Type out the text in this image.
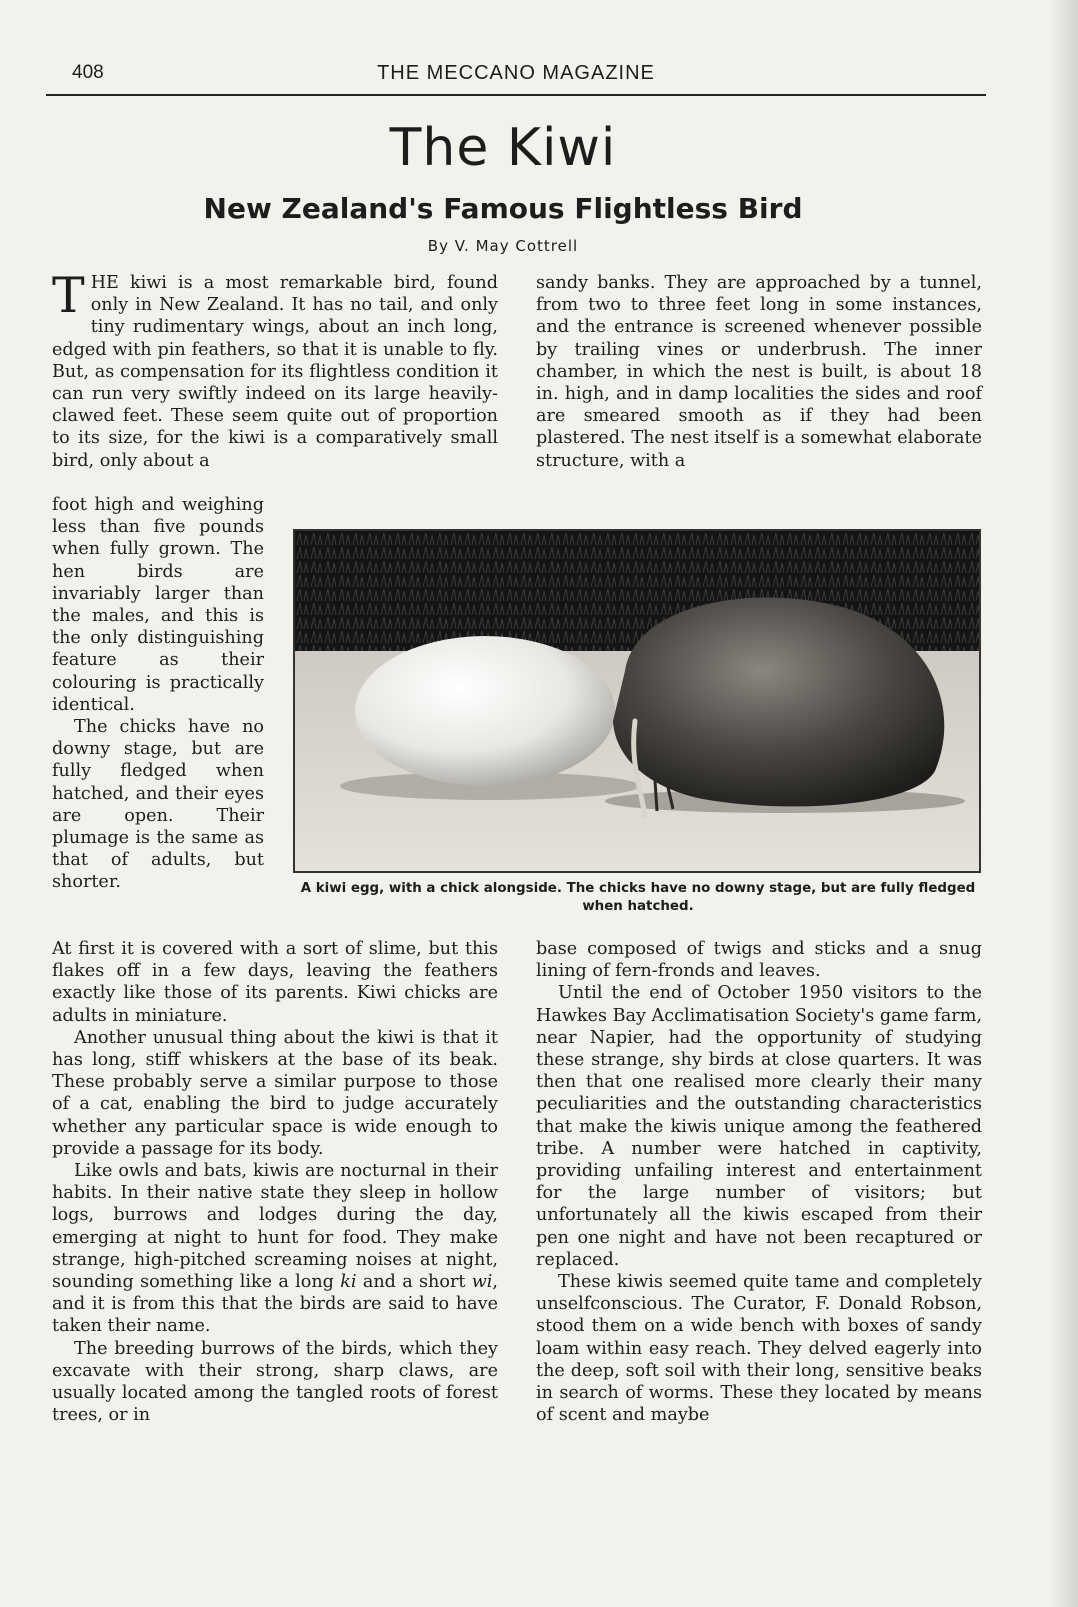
408	THE MECCANO MAGAZINE
The Kiwi
New Zealand's Famous Flightless Bird
By V. May Cottrell

THE kiwi is a most remarkable bird, found only in New Zealand. It has no tail, and only tiny rudimentary wings, about an inch long, edged with pin feathers, so that it is unable to fly. But, as compensation for its flightless condition it can run very swiftly indeed on its large heavily-clawed feet. These seem quite out of proportion to its size, for the kiwi is a comparatively small bird, only about a

foot high and weighing less than five pounds when fully grown. The hen birds are invariably larger than the males, and this is the only distinguishing feature as their colouring is practically identical.

The chicks have no downy stage, but are fully fledged when hatched, and their eyes are open. Their plumage is the same as that of adults, but shorter.	A kiwi egg, with a chick alongside. The chicks have no downy stage, but are fully fledged when hatched.

At first it is covered with a sort of slime, but this flakes off in a few days, leaving the feathers exactly like those of its parents. Kiwi chicks are adults in miniature.

Another unusual thing about the kiwi is that it has long, stiff whiskers at the base of its beak. These probably serve a similar purpose to those of a cat, enabling the bird to judge accurately whether any particular space is wide enough to provide a passage for its body.

Like owls and bats, kiwis are nocturnal in their habits. In their native state they sleep in hollow logs, burrows and lodges during the day, emerging at night to hunt for food. They make strange, high-pitched screaming noises at night, sounding something like a long ki and a short wi, and it is from this that the birds are said to have taken their name.

The breeding burrows of the birds, which they excavate with their strong, sharp claws, are usually located among the tangled roots of forest trees, or in

sandy banks. They are approached by a tunnel, from two to three feet long in some instances, and the entrance is screened whenever possible by trailing vines or underbrush. The inner chamber, in which the nest is built, is about 18 in. high, and in damp localities the sides and roof are smeared smooth as if they had been plastered. The nest itself is a somewhat elaborate structure, with a

base composed of twigs and sticks and a snug lining of fern-fronds and leaves.

Until the end of October 1950 visitors to the Hawkes Bay Acclimatisation Society's game farm, near Napier, had the opportunity of studying these strange, shy birds at close quarters. It was then that one realised more clearly their many peculiarities and the outstanding characteristics that make the kiwis unique among the feathered tribe. A number were hatched in captivity, providing unfailing interest and entertainment for the large number of visitors; but unfortunately all the kiwis escaped from their pen one night and have not been recaptured or replaced.

These kiwis seemed quite tame and completely unselfconscious. The Curator, F. Donald Robson, stood them on a wide bench with boxes of sandy loam within easy reach. They delved eagerly into the deep, soft soil with their long, sensitive beaks in search of worms. These they located by means of scent and maybe
